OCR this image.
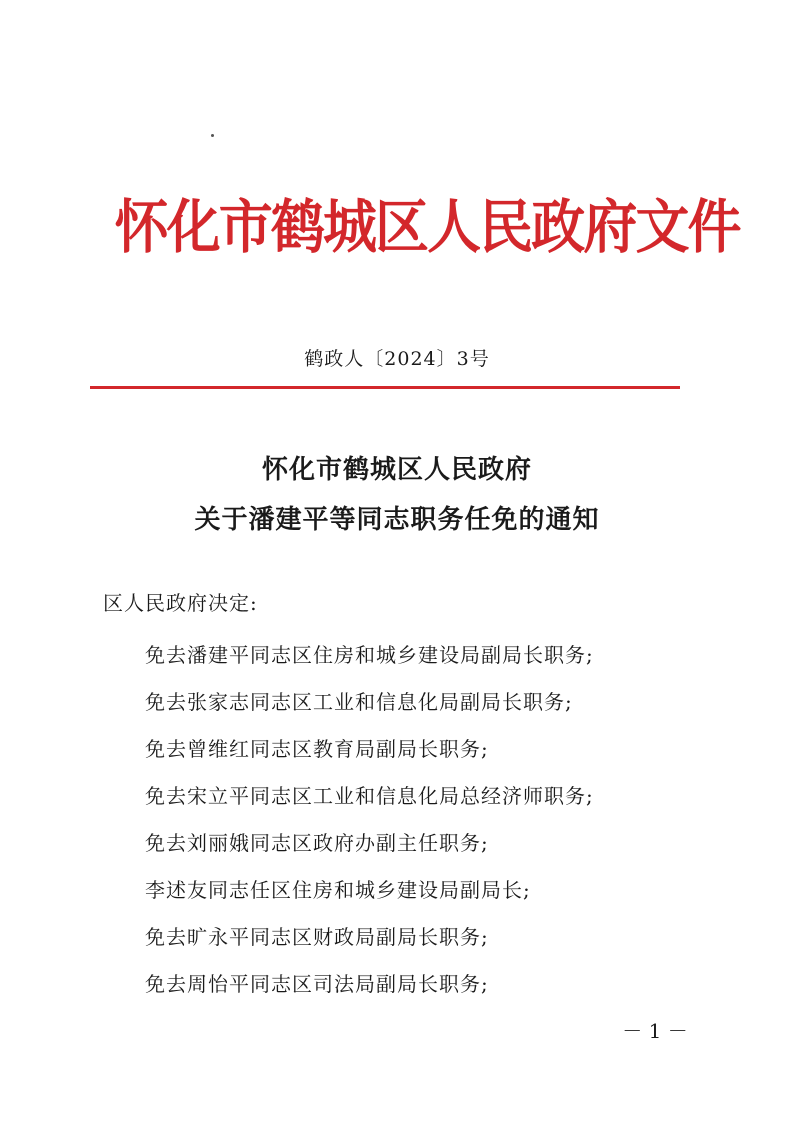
怀化市鹤城区人民政府文件
鹤政人〔2024〕3号
怀化市鹤城区人民政府
关于潘建平等同志职务任免的通知
区人民政府决定:
免去潘建平同志区住房和城乡建设局副局长职务;
免去张家志同志区工业和信息化局副局长职务;
免去曾维红同志区教育局副局长职务;
免去宋立平同志区工业和信息化局总经济师职务;
免去刘丽娥同志区政府办副主任职务;
李述友同志任区住房和城乡建设局副局长;
免去旷永平同志区财政局副局长职务;
免去周怡平同志区司法局副局长职务;
－ 1 －
